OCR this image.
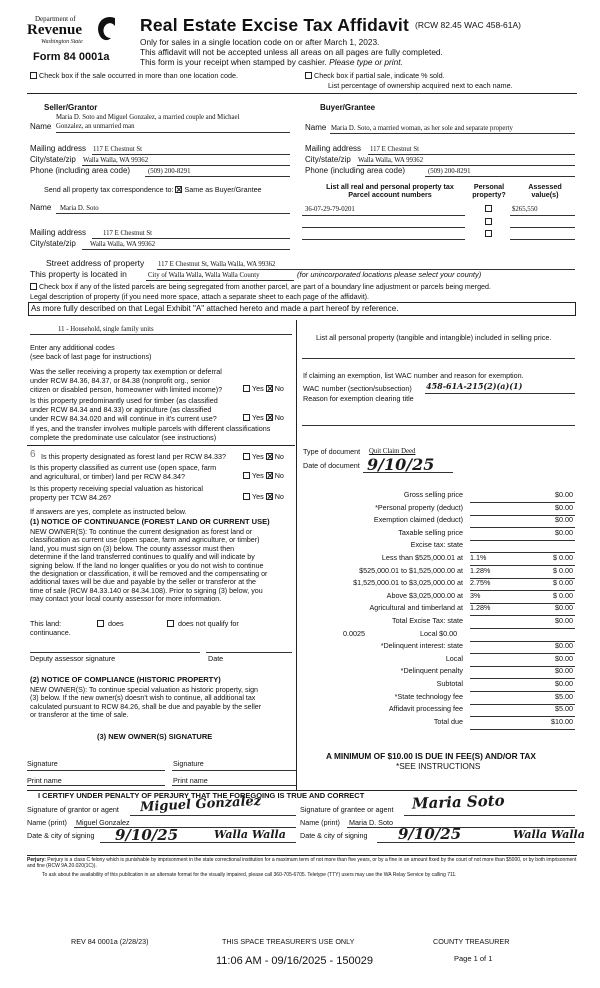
Department of
Revenue
Washington State
Form 84 0001a
Real Estate Excise Tax Affidavit (RCW 82.45 WAC 458-61A)
Only for sales in a single location code on or after March 1, 2023.
This affidavit will not be accepted unless all areas on all pages are fully completed.
This form is your receipt when stamped by cashier. Please type or print.
Check box if the sale occurred in more than one location code.	Check box if partial sale, indicate % sold.
List percentage of ownership acquired next to each name.
Seller/Grantor
Maria D. Soto and Miguel Gonzalez, a married couple and Michael
Name Gonzalez, an unmarried man
Mailing address 117 E Chestnut St
City/state/zip Walla Walla, WA 99362
Phone (including area code)	(509) 200-8291
Send all property tax correspondence to: Same as Buyer/Grantee
Name Maria D. Soto
Mailing address 117 E Chestnut St
City/state/zip Walla Walla, WA 99362
Buyer/Grantee
Name Maria D. Soto, a married woman, as her sole and separate property
Mailing address 117 E Chestnut St
City/state/zip Walla Walla, WA 99362
Phone (including area code)	(509) 200-8291
List all real and personal property tax
Parcel account numbers
Personal
property?
Assessed
value(s)
36-07-29-79-0201	$265,550
Street address of property 117 E Chestnut St, Walla Walla, WA 99362
This property is located in	City of Walla Walla, Walla Walla County	(for unincorporated locations please select your county)
Check box if any of the listed parcels are being segregated from another parcel, are part of a boundary line adjustment or parcels being merged.
Legal description of property (if you need more space, attach a separate sheet to each page of the affidavit).
As more fully described on that Legal Exhibit "A" attached hereto and made a part hereof by reference.
11 - Household, single family units
Enter any additional codes
(see back of last page for instructions)
Was the seller receiving a property tax exemption or deferral
under RCW 84.36, 84.37, or 84.38 (nonprofit org., senior
citizen or disabled person, homeowner with limited income)?	Yes No
Is this property predominantly used for timber (as classified
under RCW 84.34 and 84.33) or agriculture (as classified
under RCW 84.34.020 and will continue in it's current use?	Yes No
If yes, and the transfer involves multiple parcels with different classifications
complete the predominate use calculator (see instructions)
6 Is this property designated as forest land per RCW 84.33?	Yes No
Is this property classified as current use (open space, farm
and agricultural, or timber) land per RCW 84.34?	Yes No
Is this property receiving special valuation as historical
property per TCW 84.26?	Yes No
If answers are yes, complete as instructed below.
(1) NOTICE OF CONTINUANCE (FOREST LAND OR CURRENT USE)
NEW OWNER(S): To continue the current designation as forest land or
classification as current use (open space, farm and agriculture, or timber)
land, you must sign on (3) below. The county assessor must then
determine if the land transferred continues to qualify and will indicate by
signing below. If the land no longer qualifies or you do not wish to continue
the designation or classification, it will be removed and the compensating or
additional taxes will be due and payable by the seller or transferor at the
time of sale (RCW 84.33.140 or 84.34.108). Prior to signing (3) below, you
may contact your local county assessor for more information.
This land:
continuance.
does	does not qualify for
Deputy assessor signature	Date
(2) NOTICE OF COMPLIANCE (HISTORIC PROPERTY)
NEW OWNER(S): To continue special valuation as historic property, sign
(3) below. If the new owner(s) doesn't wish to continue, all additional tax
calculated pursuant to RCW 84.26, shall be due and payable by the seller
or transferor at the time of sale.
(3) NEW OWNER(S) SIGNATURE
Signature	Signature
Print name	Print name
List all personal property (tangible and intangible) included in selling price.
If claiming an exemption, list WAC number and reason for exemption.
WAC number (section/subsection) 458-61A-215(2)(a)(1)
Reason for exemption clearing title
Type of document Quit Claim Deed
Date of document 9/10/25
Gross selling price	$0.00
*Personal property (deduct)	$0.00
Exemption claimed (deduct)	$0.00
Taxable selling price	$0.00
Excise tax: state
Less than $525,000.01 at 1.1%	$ 0.00
$525,000.01 to $1,525,000.00 at 1.28%	$ 0.00
$1,525,000.01 to $3,025,000.00 at 2.75%	$ 0.00
Above $3,025,000.00 at 3%	$ 0.00
Agricultural and timberland at 1.28%	$0.00
Total Excise Tax: state	$0.00
0.0025	Local $0.00
*Delinquent interest: state	$0.00
Local	$0.00
*Delinquent penalty	$0.00
Subtotal	$0.00
*State technology fee	$5.00
Affidavit processing fee	$5.00
Total due	$10.00
A MINIMUM OF $10.00 IS DUE IN FEE(S) AND/OR TAX
*SEE INSTRUCTIONS
I CERTIFY UNDER PENALTY OF PERJURY THAT THE FOREGOING IS TRUE AND CORRECT
Signature of grantor or agent Miguel Gonzalez
Name (print) Miguel Gonzalez
Date & city of signing 9/10/25	Walla Walla
Signature of grantee or agent Maria Soto
Name (print) Maria D. Soto
Date & city of signing 9/10/25	Walla Walla
Perjury: Perjury is a class C felony which is punishable by imprisonment in the state correctional institution for a maximum term of not more than five years, or by a fine in an amount fixed by the court of not more than $5000, or by both imprisonment and fine (RCW 9A.20.020(1C)).
To ask about the availability of this publication in an alternate format for the visually impaired, please call 360-705-6705. Teletype (TTY) users may use the WA Relay Service by calling 711.
REV 84 0001a (2/28/23)	THIS SPACE TREASURER'S USE ONLY	COUNTY TREASURER
11:06 AM - 09/16/2025 - 150029	Page 1 of 1
